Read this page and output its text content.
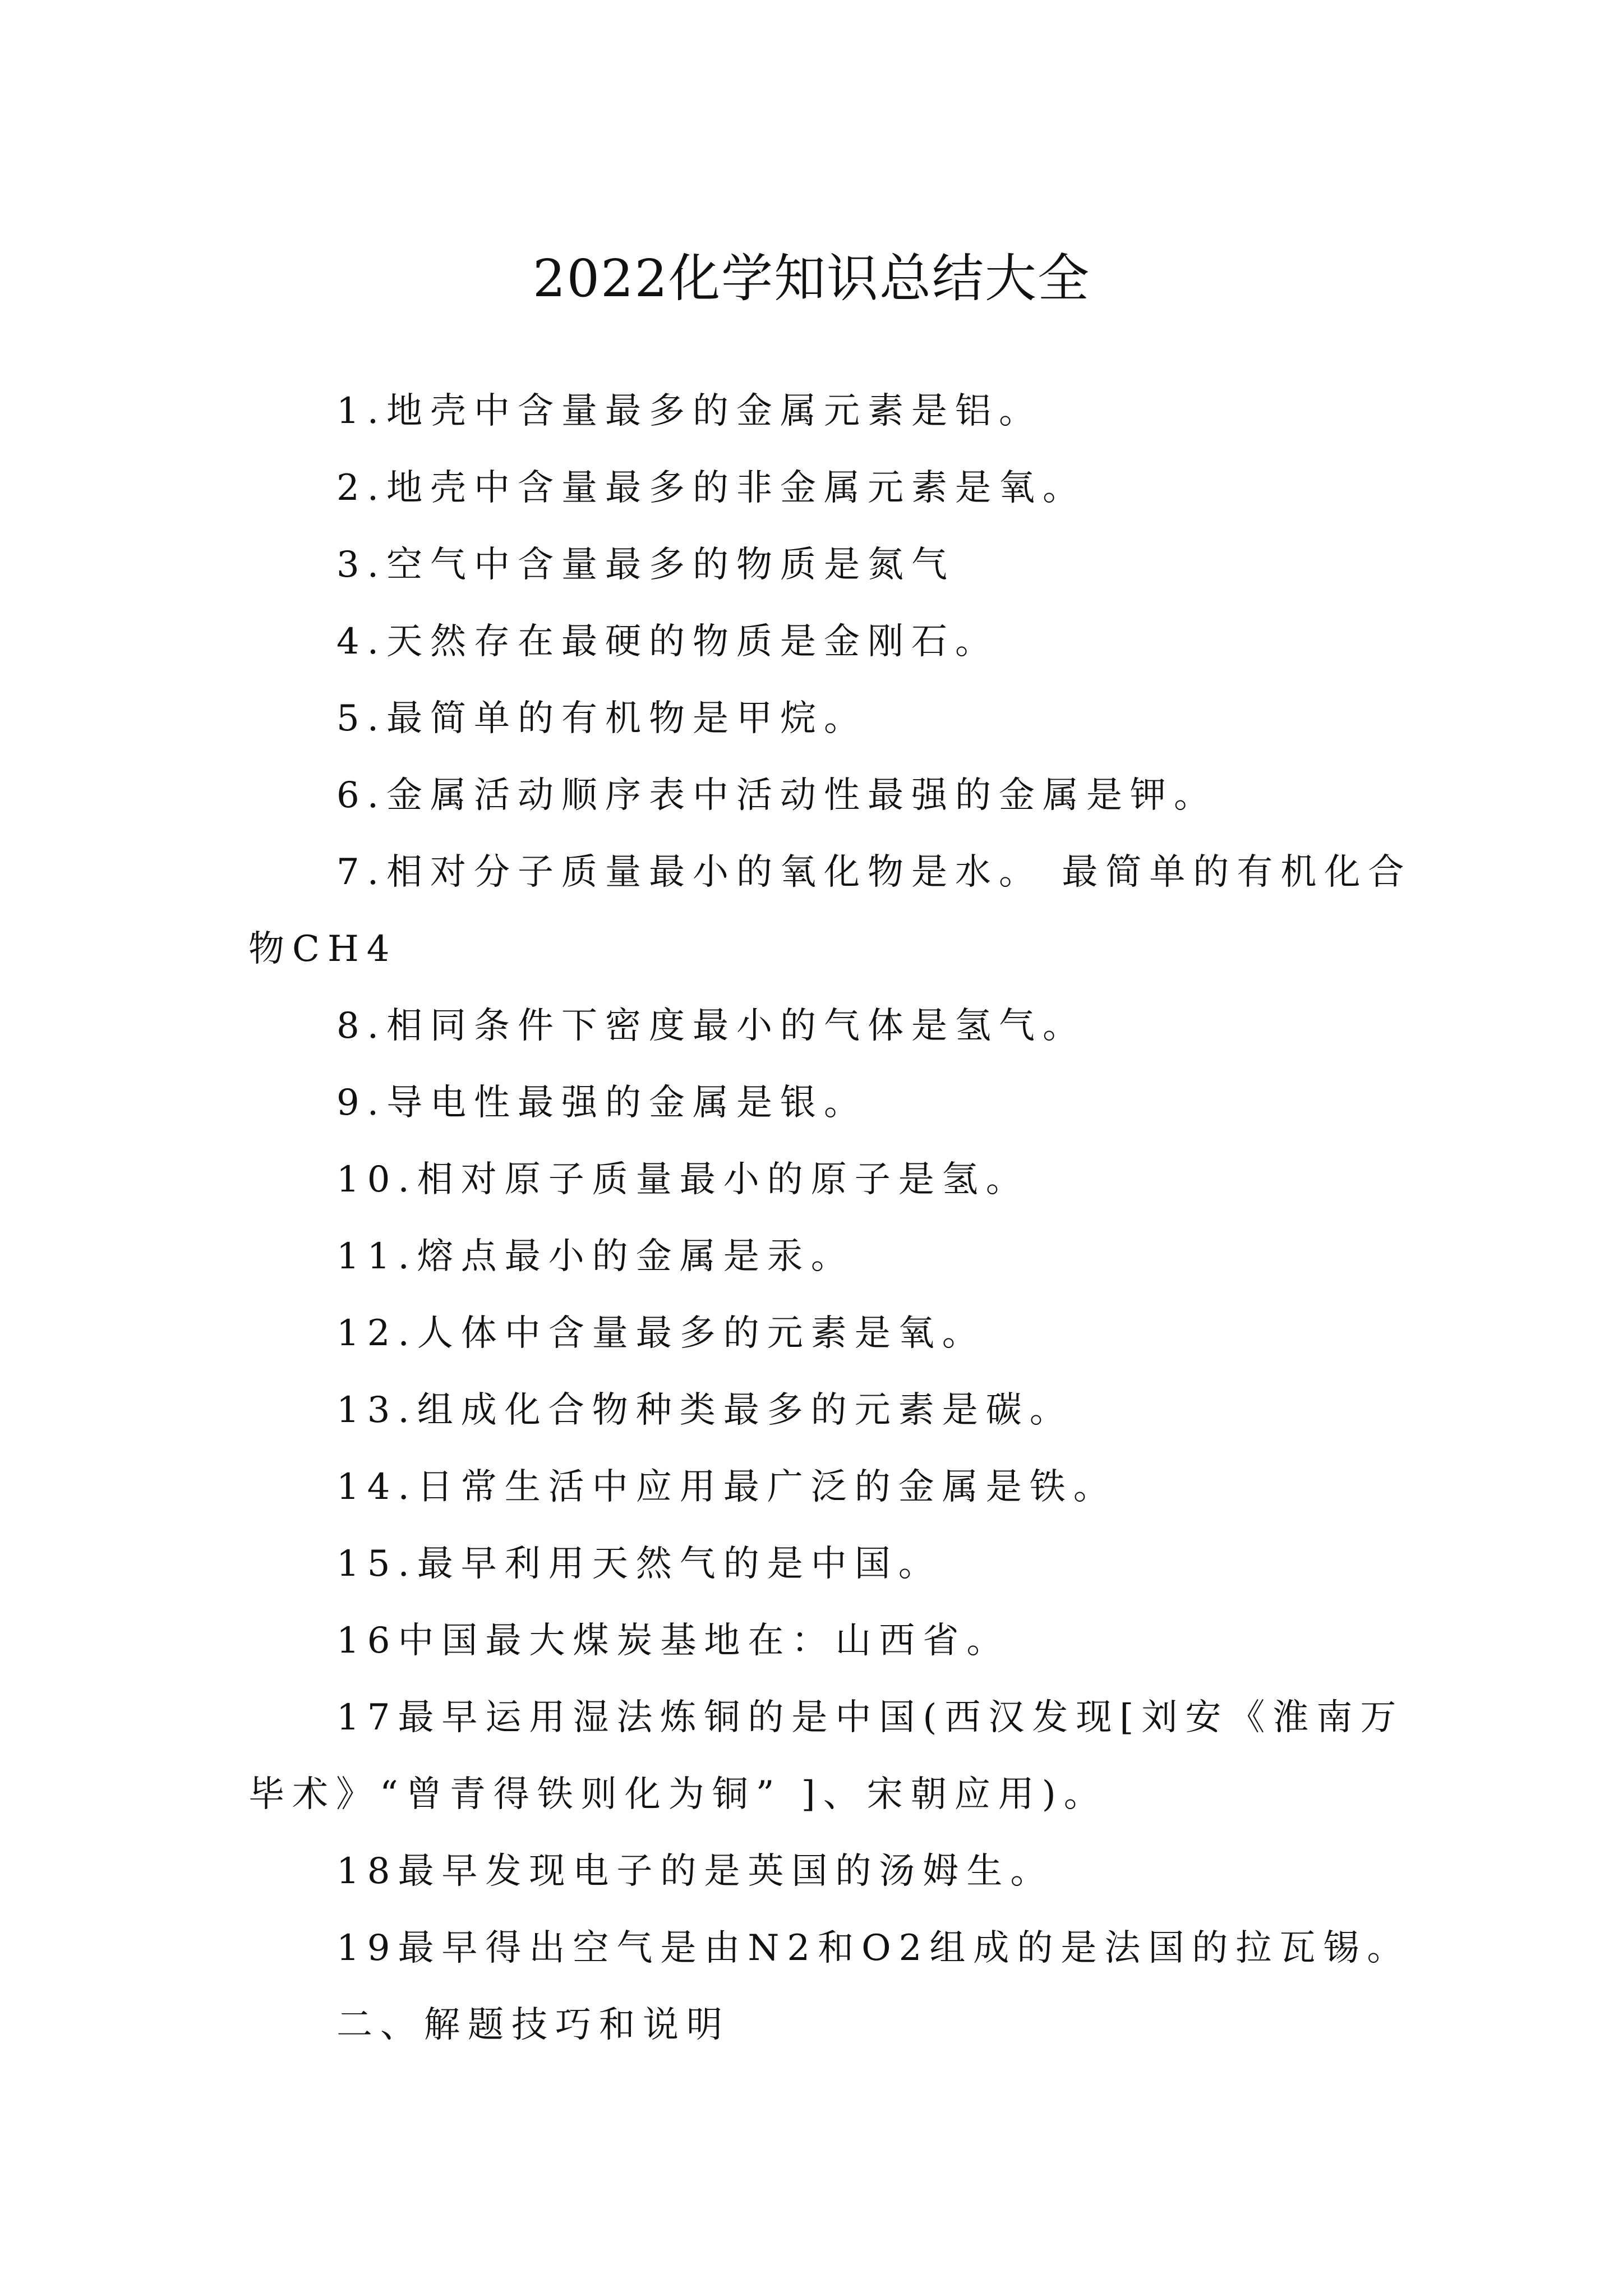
2022化学知识总结大全

1.地壳中含量最多的金属元素是铝。

2.地壳中含量最多的非金属元素是氧。

3.空气中含量最多的物质是氮气

4.天然存在最硬的物质是金刚石。

5.最简单的有机物是甲烷。

6.金属活动顺序表中活动性最强的金属是钾。

7.相对分子质量最小的氧化物是水。 最简单的有机化合物CH4

8.相同条件下密度最小的气体是氢气。

9.导电性最强的金属是银。

10.相对原子质量最小的原子是氢。

11.熔点最小的金属是汞。

12.人体中含量最多的元素是氧。

13.组成化合物种类最多的元素是碳。

14.日常生活中应用最广泛的金属是铁。

15.最早利用天然气的是中国。

16中国最大煤炭基地在：山西省。

17最早运用湿法炼铜的是中国(西汉发现[刘安《淮南万毕术》“曾青得铁则化为铜” ]、宋朝应用)。

18最早发现电子的是英国的汤姆生。

19最早得出空气是由N2和O2组成的是法国的拉瓦锡。

二、解题技巧和说明
